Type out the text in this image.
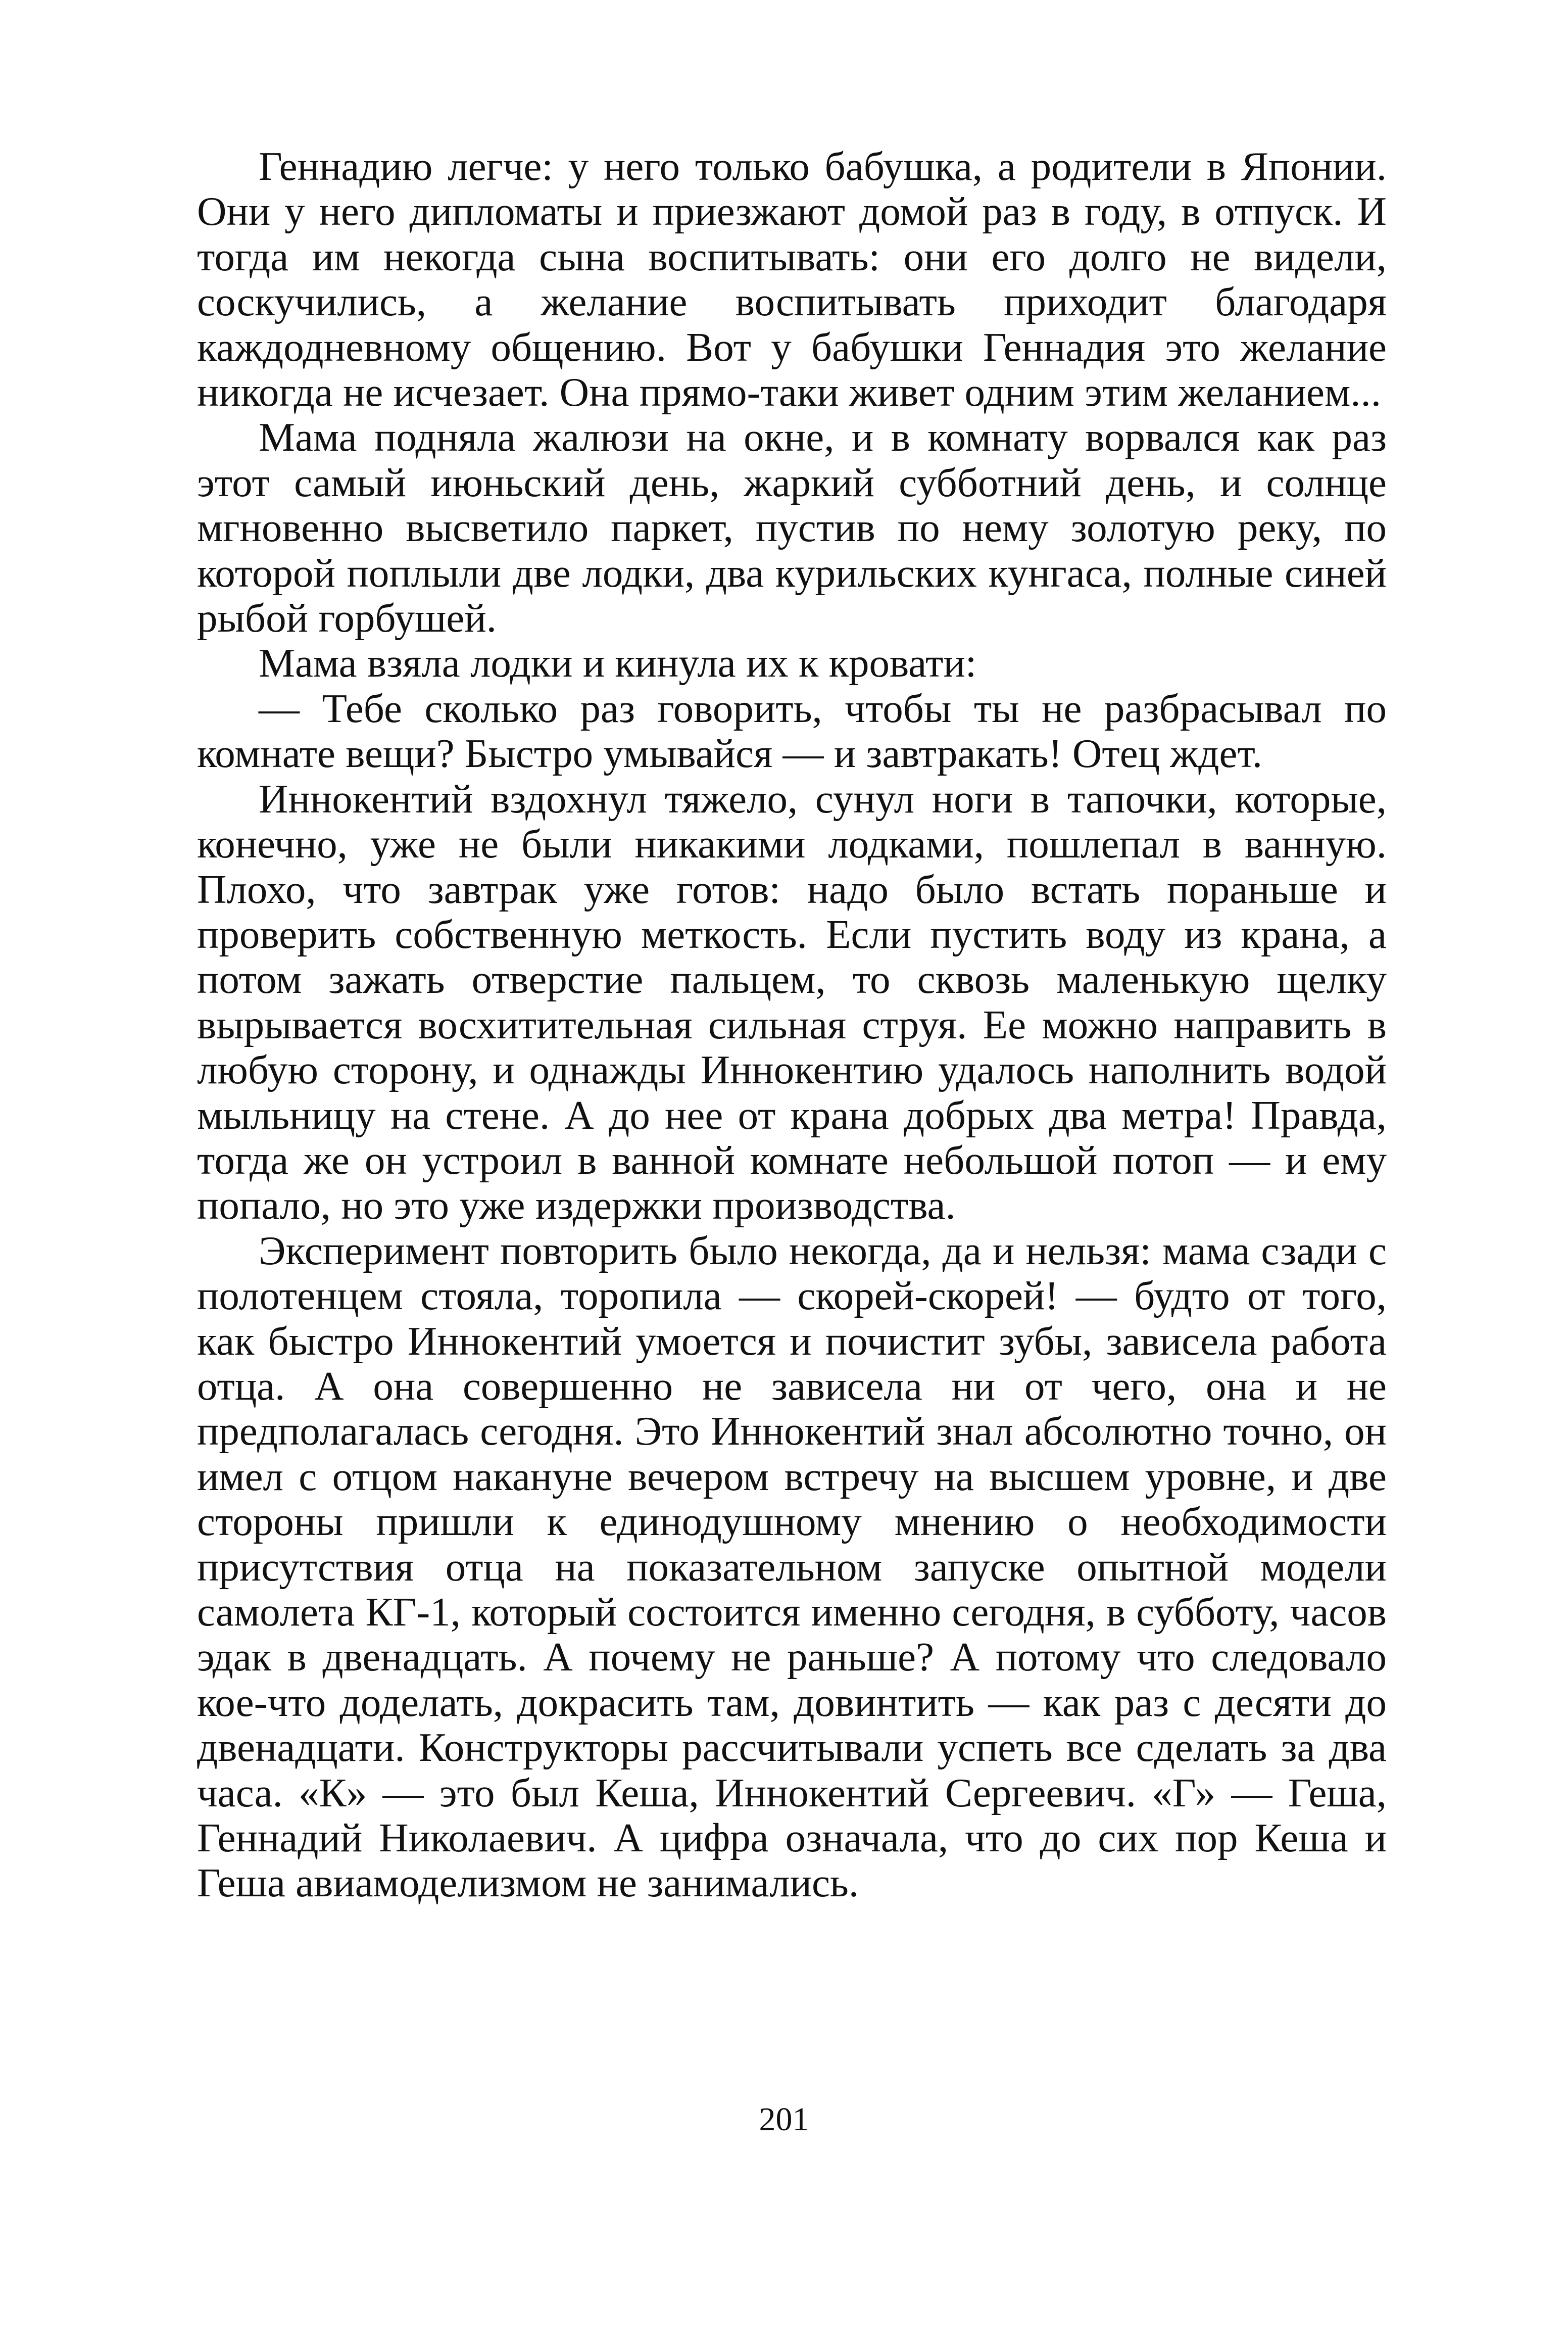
Геннадию легче: у него только бабушка, а родители в Японии. Они у него дипломаты и приезжают домой раз в году, в отпуск. И тогда им некогда сына воспитывать: они его долго не видели, соскучились, а желание воспитывать приходит благодаря каждодневному общению. Вот у бабушки Геннадия это желание никогда не исчезает. Она прямо-таки живет одним этим желанием...

Мама подняла жалюзи на окне, и в комнату ворвался как раз этот самый июньский день, жаркий субботний день, и солнце мгновенно высветило паркет, пустив по нему золотую реку, по которой поплыли две лодки, два курильских кунгаса, полные синей рыбой горбушей.

Мама взяла лодки и кинула их к кровати:

— Тебе сколько раз говорить, чтобы ты не разбрасывал по комнате вещи? Быстро умывайся — и завтракать! Отец ждет.

Иннокентий вздохнул тяжело, сунул ноги в тапочки, которые, конечно, уже не были никакими лодками, пошлепал в ванную. Плохо, что завтрак уже готов: надо было встать пораньше и проверить собственную меткость. Если пустить воду из крана, а потом зажать отверстие пальцем, то сквозь маленькую щелку вырывается восхитительная сильная струя. Ее можно направить в любую сторону, и однажды Иннокентию удалось наполнить водой мыльницу на стене. А до нее от крана добрых два метра! Правда, тогда же он устроил в ванной комнате небольшой потоп — и ему попало, но это уже издержки производства.

Эксперимент повторить было некогда, да и нельзя: мама сзади с полотенцем стояла, торопила — скорей-скорей! — будто от того, как быстро Иннокентий умоется и почистит зубы, зависела работа отца. А она совершенно не зависела ни от чего, она и не предполагалась сегодня. Это Иннокентий знал абсолютно точно, он имел с отцом накануне вечером встречу на высшем уровне, и две стороны пришли к единодушному мнению о необходимости присутствия отца на показательном запуске опытной модели самолета КГ-1, который состоится именно сегодня, в субботу, часов эдак в двенадцать. А почему не раньше? А потому что следовало кое-что доделать, докрасить там, довинтить — как раз с десяти до двенадцати. Конструкторы рассчитывали успеть все сделать за два часа. «К» — это был Кеша, Иннокентий Сергеевич. «Г» — Геша, Геннадий Николаевич. А цифра означала, что до сих пор Кеша и Геша авиамоделизмом не занимались.

201
